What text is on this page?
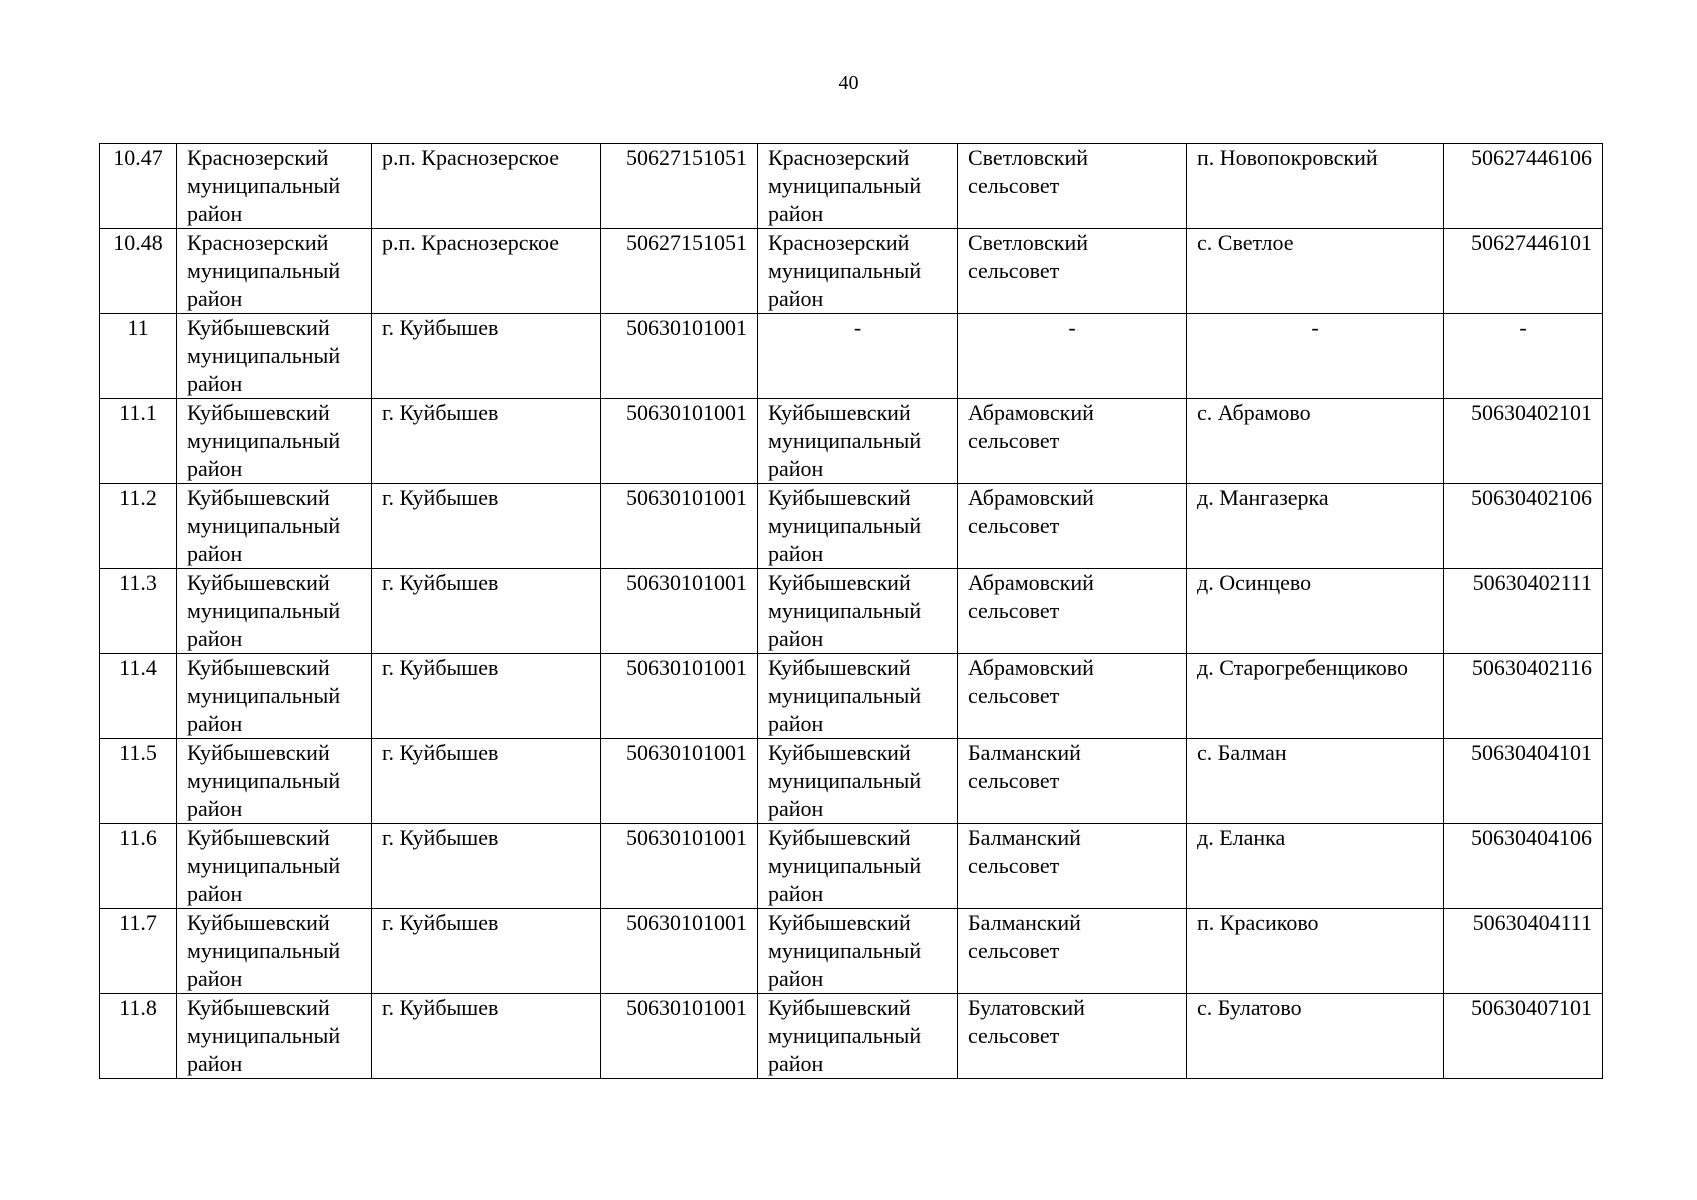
40
10.47	Краснозерский муниципальный район	р.п. Краснозерское	50627151051	Краснозерский муниципальный район	Светловский сельсовет	п. Новопокровский	50627446106
10.48	Краснозерский муниципальный район	р.п. Краснозерское	50627151051	Краснозерский муниципальный район	Светловский сельсовет	с. Светлое	50627446101
11	Куйбышевский муниципальный район	г. Куйбышев	50630101001	-	-	-	-
11.1	Куйбышевский муниципальный район	г. Куйбышев	50630101001	Куйбышевский муниципальный район	Абрамовский сельсовет	с. Абрамово	50630402101
11.2	Куйбышевский муниципальный район	г. Куйбышев	50630101001	Куйбышевский муниципальный район	Абрамовский сельсовет	д. Мангазерка	50630402106
11.3	Куйбышевский муниципальный район	г. Куйбышев	50630101001	Куйбышевский муниципальный район	Абрамовский сельсовет	д. Осинцево	50630402111
11.4	Куйбышевский муниципальный район	г. Куйбышев	50630101001	Куйбышевский муниципальный район	Абрамовский сельсовет	д. Старогребенщиково	50630402116
11.5	Куйбышевский муниципальный район	г. Куйбышев	50630101001	Куйбышевский муниципальный район	Балманский сельсовет	с. Балман	50630404101
11.6	Куйбышевский муниципальный район	г. Куйбышев	50630101001	Куйбышевский муниципальный район	Балманский сельсовет	д. Еланка	50630404106
11.7	Куйбышевский муниципальный район	г. Куйбышев	50630101001	Куйбышевский муниципальный район	Балманский сельсовет	п. Красиково	50630404111
11.8	Куйбышевский муниципальный район	г. Куйбышев	50630101001	Куйбышевский муниципальный район	Булатовский сельсовет	с. Булатово	50630407101
